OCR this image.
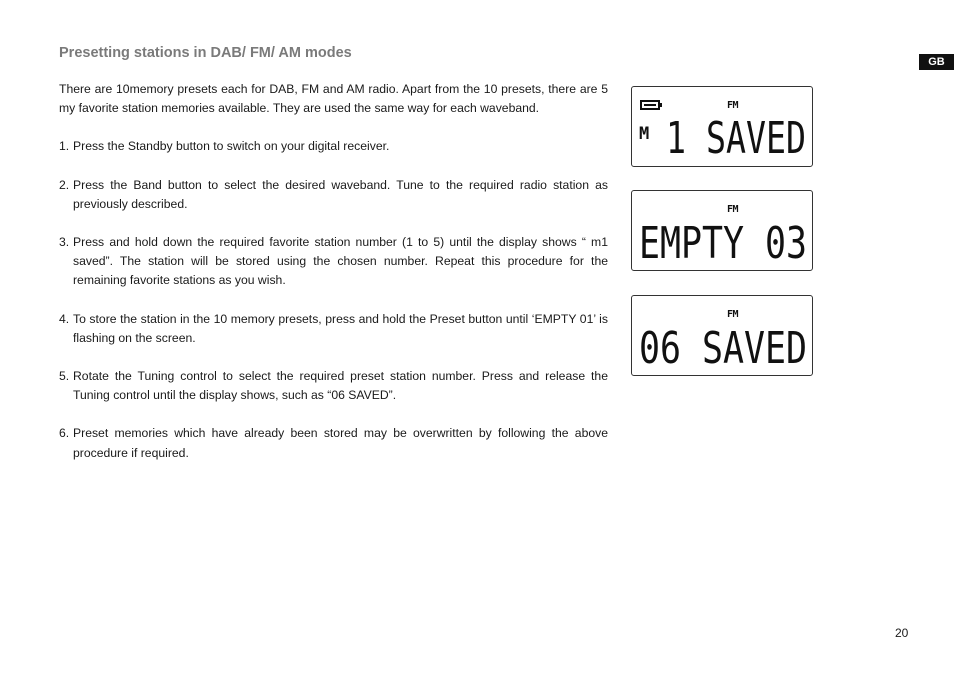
Presetting stations in DAB/ FM/ AM modes
GB

There are 10memory presets each for DAB, FM and AM radio. Apart from the 10 presets, there are 5 my favorite station memories available. They are used the same way for each waveband.

1. Press the Standby button to switch on your digital receiver.
2. Press the Band button to select the desired waveband. Tune to the required radio station as previously described.
3. Press and hold down the required favorite station number (1 to 5) until the display shows “ m1 saved”. The station will be stored using the chosen number. Repeat this procedure for the remaining favorite stations as you wish.
4. To store the station in the 10 memory presets, press and hold the Preset button until ‘EMPTY 01’ is flashing on the screen.
5. Rotate the Tuning control to select the required preset station number. Press and release the Tuning control until the display shows, such as “06 SAVED”.
6. Preset memories which have already been stored may be overwritten by following the above procedure if required.
M 1 SAVED
FM
EMPTY 03
FM
06 SAVED
FM
20
